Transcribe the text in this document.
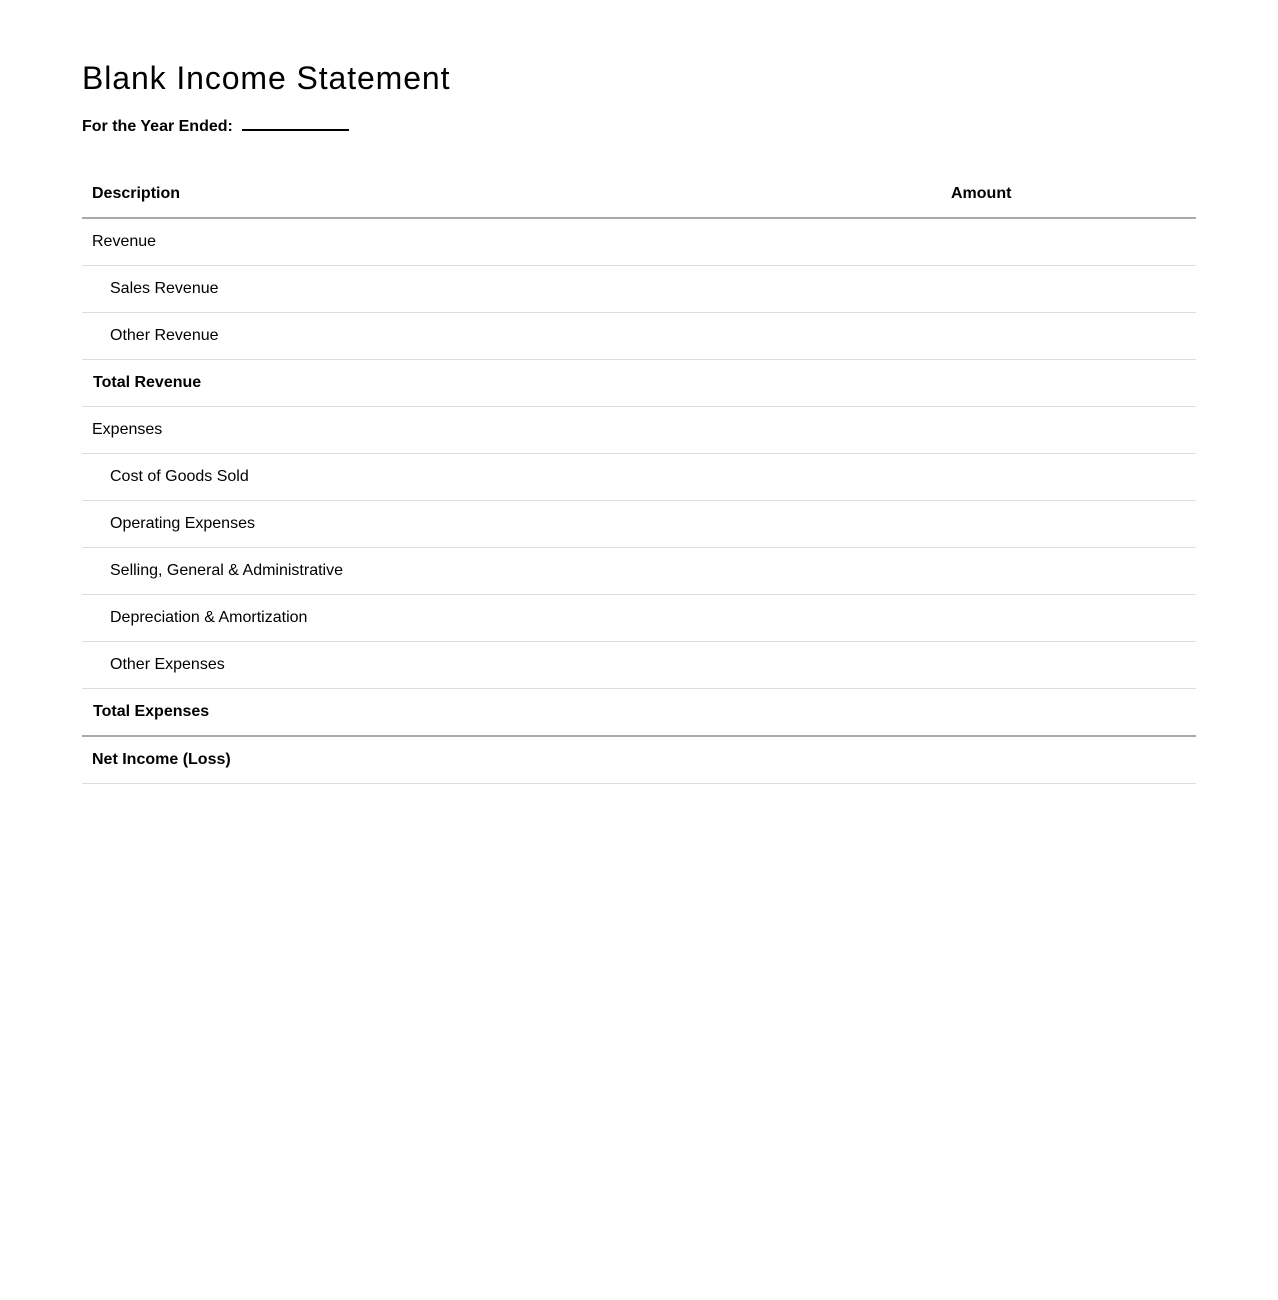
Blank Income Statement
For the Year Ended:
Description	Amount
Revenue	
Sales Revenue	
Other Revenue	
Total Revenue	
Expenses	
Cost of Goods Sold	
Operating Expenses	
Selling, General & Administrative	
Depreciation & Amortization	
Other Expenses	
Total Expenses	
Net Income (Loss)	
